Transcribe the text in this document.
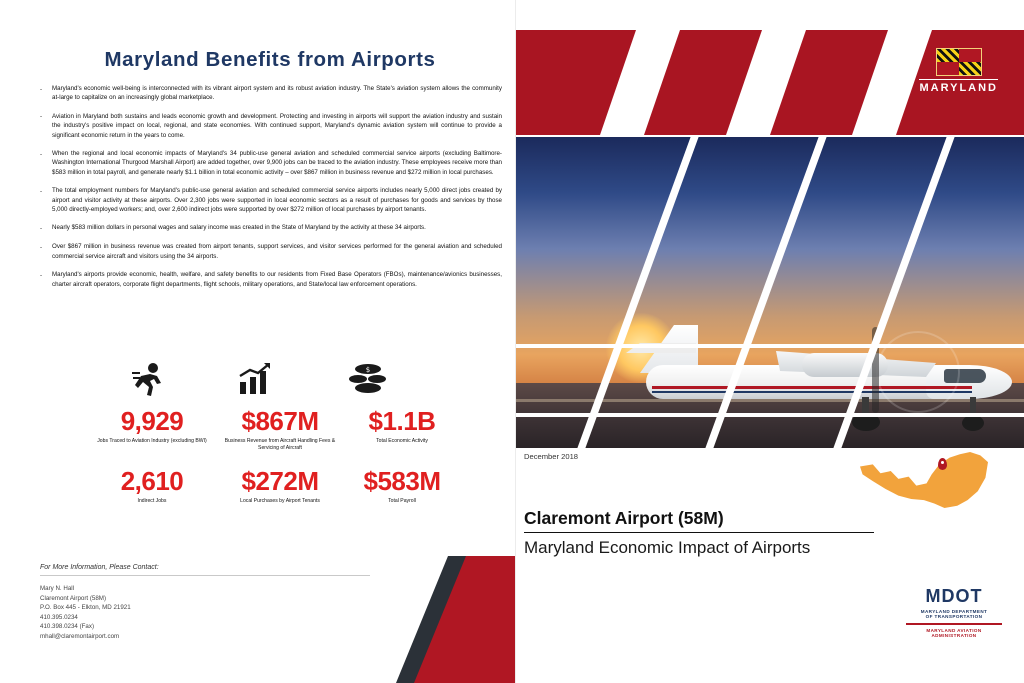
Maryland Benefits from Airports
-	Maryland's economic well-being is interconnected with its vibrant airport system and its robust aviation industry. The State's aviation system allows the community at-large to capitalize on an increasingly global marketplace.
-	Aviation in Maryland both sustains and leads economic growth and development. Protecting and investing in airports will support the aviation industry and sustain the industry's positive impact on local, regional, and state economies. With continued support, Maryland's dynamic aviation system will continue to provide a significant economic return in the years to come.
-	When the regional and local economic impacts of Maryland's 34 public-use general aviation and scheduled commercial service airports (excluding Baltimore-Washington International Thurgood Marshall Airport) are added together, over 9,900 jobs can be traced to the aviation industry. These employees receive more than $583 million in total payroll, and generate nearly $1.1 billion in total economic activity – over $867 million in business revenue and $272 million in local purchases.
-	The total employment numbers for Maryland's public-use general aviation and scheduled commercial service airports includes nearly 5,000 direct jobs created by airport and visitor activity at these airports. Over 2,300 jobs were supported in local economic sectors as a result of purchases for goods and services by those 5,000 directly-employed workers; and, over 2,600 indirect jobs were supported by over $272 million of local purchases by airport tenants.
-	Nearly $583 million dollars in personal wages and salary income was created in the State of Maryland by the activity at these 34 airports.
-	Over $867 million in business revenue was created from airport tenants, support services, and visitor services performed for the general aviation and scheduled commercial service aircraft and visitors using the 34 airports.
-	Maryland's airports provide economic, health, welfare, and safety benefits to our residents from Fixed Base Operators (FBOs), maintenance/avionics businesses, charter aircraft operators, corporate flight departments, flight schools, military operations, and State/local law enforcement operations.
$
9,929
Jobs Traced to Aviation Industry (excluding BWI)
$867M
Business Revenue from Aircraft Handling Fees & Servicing of Aircraft
$1.1B
Total Economic Activity
2,610
Indirect Jobs
$272M
Local Purchases by Airport Tenants
$583M
Total Payroll
For More Information, Please Contact:
Mary N. Hall
Claremont Airport (58M)
P.O. Box 445 - Elkton, MD 21921
410.395.0234
410.398.0234 (Fax)
mhall@claremontairport.com
MARYLAND
December 2018
Claremont Airport (58M)
Maryland Economic Impact of Airports
MDOT
MARYLAND DEPARTMENT
OF TRANSPORTATION
MARYLAND AVIATION
ADMINISTRATION
